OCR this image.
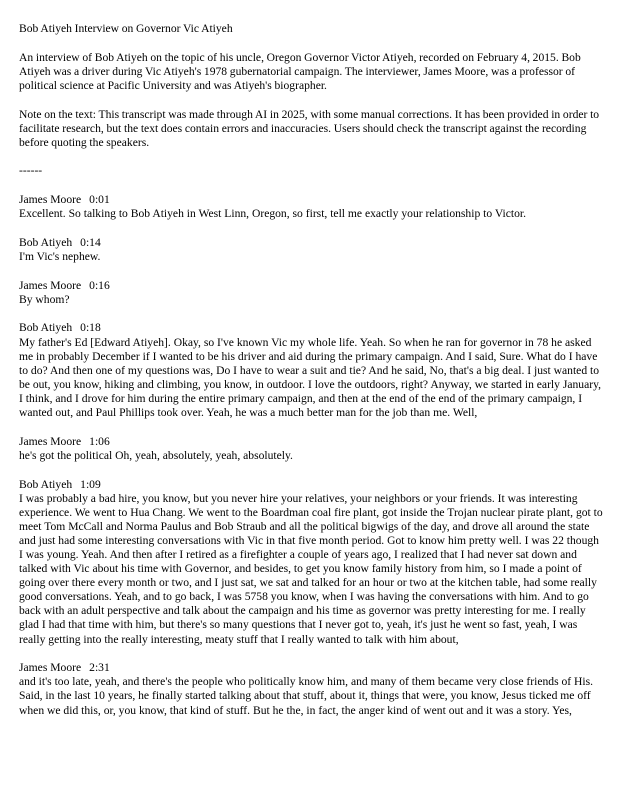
Bob Atiyeh Interview on Governor Vic Atiyeh
An interview of Bob Atiyeh on the topic of his uncle, Oregon Governor Victor Atiyeh, recorded on February 4, 2015. Bob Atiyeh was a driver during Vic Atiyeh's 1978 gubernatorial campaign. The interviewer, James Moore, was a professor of political science at Pacific University and was Atiyeh's biographer.
Note on the text: This transcript was made through AI in 2025, with some manual corrections. It has been provided in order to facilitate research, but the text does contain errors and inaccuracies. Users should check the transcript against the recording before quoting the speakers.
------
James Moore 0:01
Excellent. So talking to Bob Atiyeh in West Linn, Oregon, so first, tell me exactly your relationship to Victor.
Bob Atiyeh 0:14
I'm Vic's nephew.
James Moore 0:16
By whom?
Bob Atiyeh 0:18
My father's Ed [Edward Atiyeh]. Okay, so I've known Vic my whole life. Yeah. So when he ran for governor in 78 he asked me in probably December if I wanted to be his driver and aid during the primary campaign. And I said, Sure. What do I have to do? And then one of my questions was, Do I have to wear a suit and tie? And he said, No, that's a big deal. I just wanted to be out, you know, hiking and climbing, you know, in outdoor. I love the outdoors, right? Anyway, we started in early January, I think, and I drove for him during the entire primary campaign, and then at the end of the end of the primary campaign, I wanted out, and Paul Phillips took over. Yeah, he was a much better man for the job than me. Well,
James Moore 1:06
he's got the political Oh, yeah, absolutely, yeah, absolutely.
Bob Atiyeh 1:09
I was probably a bad hire, you know, but you never hire your relatives, your neighbors or your friends. It was interesting experience. We went to Hua Chang. We went to the Boardman coal fire plant, got inside the Trojan nuclear pirate plant, got to meet Tom McCall and Norma Paulus and Bob Straub and all the political bigwigs of the day, and drove all around the state and just had some interesting conversations with Vic in that five month period. Got to know him pretty well. I was 22 though I was young. Yeah. And then after I retired as a firefighter a couple of years ago, I realized that I had never sat down and talked with Vic about his time with Governor, and besides, to get you know family history from him, so I made a point of going over there every month or two, and I just sat, we sat and talked for an hour or two at the kitchen table, had some really good conversations. Yeah, and to go back, I was 5758 you know, when I was having the conversations with him. And to go back with an adult perspective and talk about the campaign and his time as governor was pretty interesting for me. I really glad I had that time with him, but there's so many questions that I never got to, yeah, it's just he went so fast, yeah, I was really getting into the really interesting, meaty stuff that I really wanted to talk with him about,
James Moore 2:31
and it's too late, yeah, and there's the people who politically know him, and many of them became very close friends of His. Said, in the last 10 years, he finally started talking about that stuff, about it, things that were, you know, Jesus ticked me off when we did this, or, you know, that kind of stuff. But he the, in fact, the anger kind of went out and it was a story. Yes,
